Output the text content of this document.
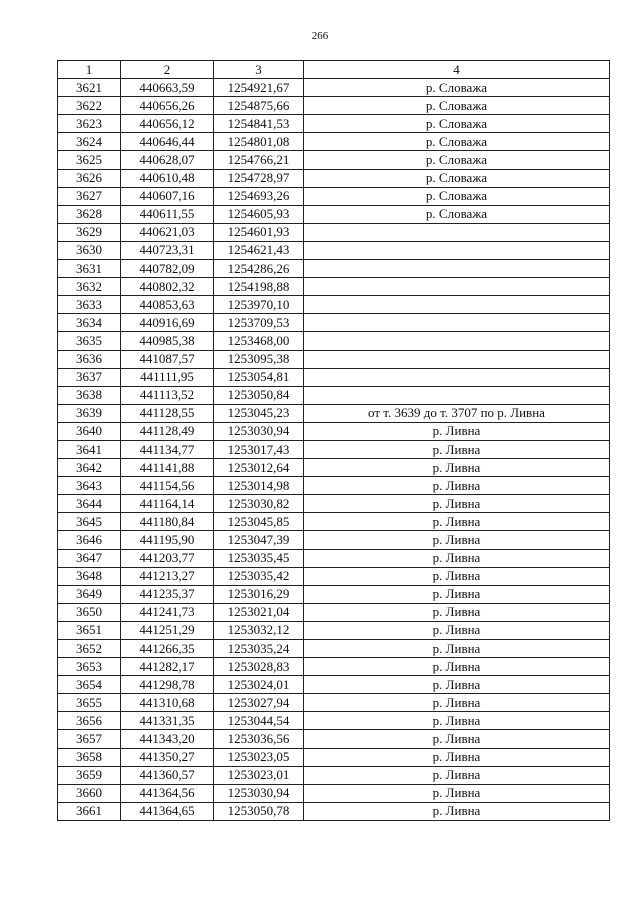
266
1	2	3	4
3621	440663,59	1254921,67	р. Словажа
3622	440656,26	1254875,66	р. Словажа
3623	440656,12	1254841,53	р. Словажа
3624	440646,44	1254801,08	р. Словажа
3625	440628,07	1254766,21	р. Словажа
3626	440610,48	1254728,97	р. Словажа
3627	440607,16	1254693,26	р. Словажа
3628	440611,55	1254605,93	р. Словажа
3629	440621,03	1254601,93	
3630	440723,31	1254621,43	
3631	440782,09	1254286,26	
3632	440802,32	1254198,88	
3633	440853,63	1253970,10	
3634	440916,69	1253709,53	
3635	440985,38	1253468,00	
3636	441087,57	1253095,38	
3637	441111,95	1253054,81	
3638	441113,52	1253050,84	
3639	441128,55	1253045,23	от т. 3639 до т. 3707 по р. Ливна
3640	441128,49	1253030,94	р. Ливна
3641	441134,77	1253017,43	р. Ливна
3642	441141,88	1253012,64	р. Ливна
3643	441154,56	1253014,98	р. Ливна
3644	441164,14	1253030,82	р. Ливна
3645	441180,84	1253045,85	р. Ливна
3646	441195,90	1253047,39	р. Ливна
3647	441203,77	1253035,45	р. Ливна
3648	441213,27	1253035,42	р. Ливна
3649	441235,37	1253016,29	р. Ливна
3650	441241,73	1253021,04	р. Ливна
3651	441251,29	1253032,12	р. Ливна
3652	441266,35	1253035,24	р. Ливна
3653	441282,17	1253028,83	р. Ливна
3654	441298,78	1253024,01	р. Ливна
3655	441310,68	1253027,94	р. Ливна
3656	441331,35	1253044,54	р. Ливна
3657	441343,20	1253036,56	р. Ливна
3658	441350,27	1253023,05	р. Ливна
3659	441360,57	1253023,01	р. Ливна
3660	441364,56	1253030,94	р. Ливна
3661	441364,65	1253050,78	р. Ливна
